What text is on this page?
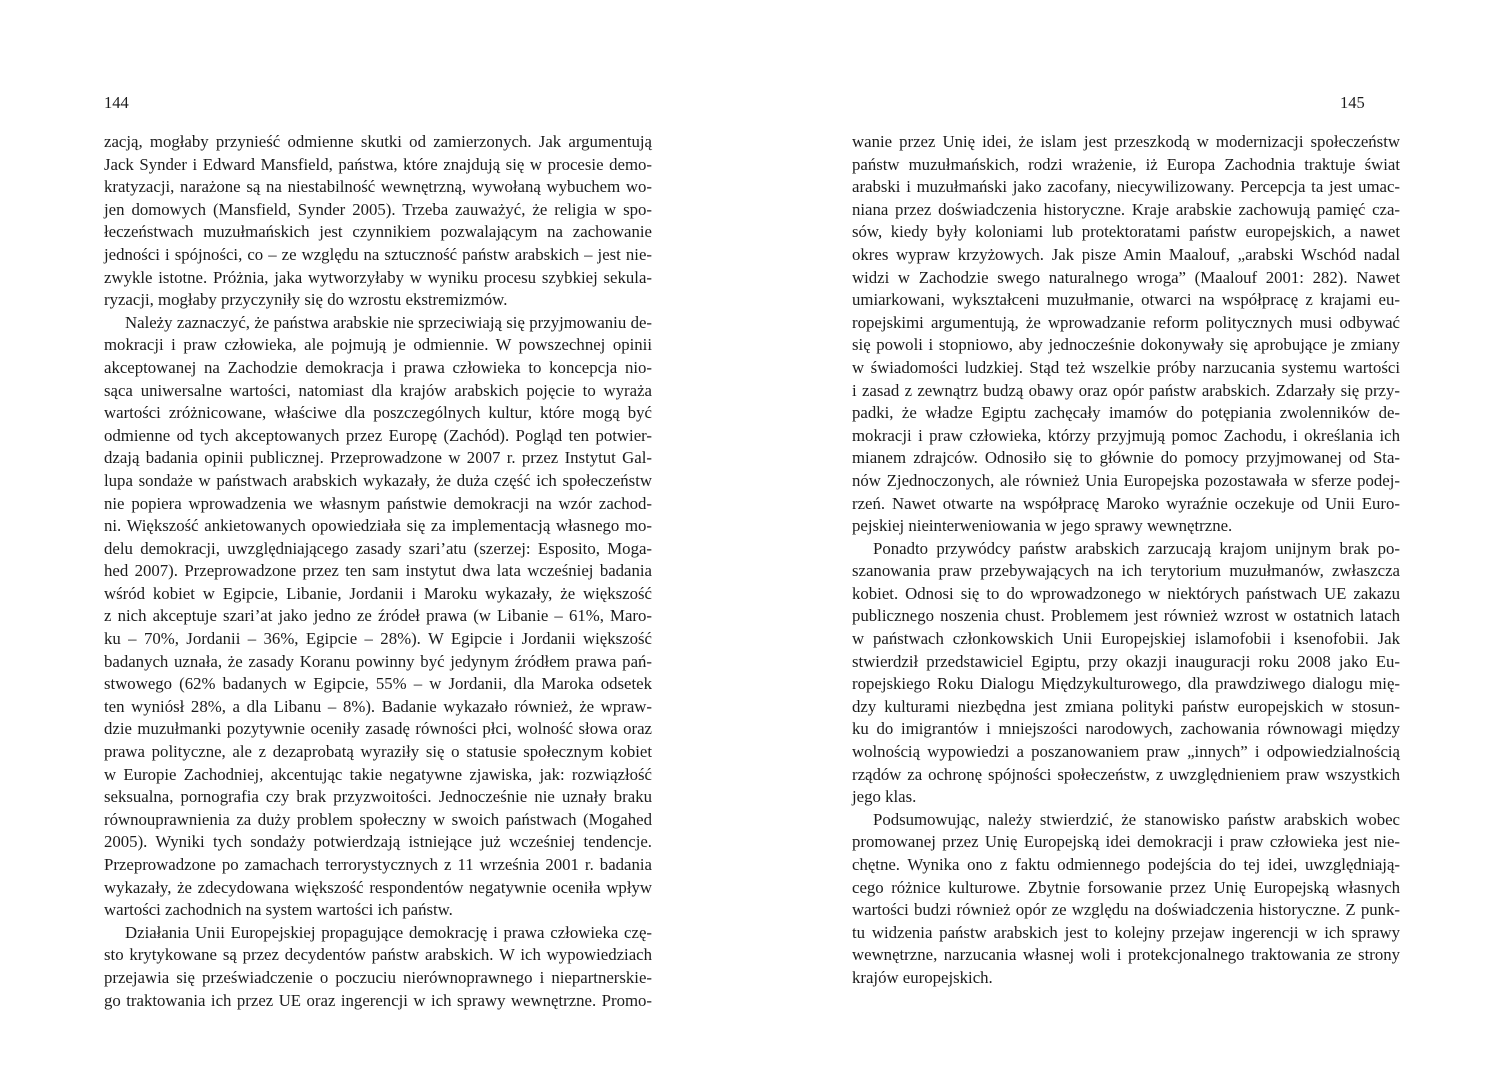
144	145
zacją, mogłaby przynieść odmienne skutki od zamierzonych. Jak argumentują
Jack Synder i Edward Mansfield, państwa, które znajdują się w procesie demo-
kratyzacji, narażone są na niestabilność wewnętrzną, wywołaną wybuchem wo-
jen domowych (Mansfield, Synder 2005). Trzeba zauważyć, że religia w spo-
łeczeństwach muzułmańskich jest czynnikiem pozwalającym na zachowanie
jedności i spójności, co – ze względu na sztuczność państw arabskich – jest nie-
zwykle istotne. Próżnia, jaka wytworzyłaby w wyniku procesu szybkiej sekula-
ryzacji, mogłaby przyczyniły się do wzrostu ekstremizmów.
Należy zaznaczyć, że państwa arabskie nie sprzeciwiają się przyjmowaniu de-
mokracji i praw człowieka, ale pojmują je odmiennie. W powszechnej opinii
akceptowanej na Zachodzie demokracja i prawa człowieka to koncepcja nio-
sąca uniwersalne wartości, natomiast dla krajów arabskich pojęcie to wyraża
wartości zróżnicowane, właściwe dla poszczególnych kultur, które mogą być
odmienne od tych akceptowanych przez Europę (Zachód). Pogląd ten potwier-
dzają badania opinii publicznej. Przeprowadzone w 2007 r. przez Instytut Gal-
lupa sondaże w państwach arabskich wykazały, że duża część ich społeczeństw
nie popiera wprowadzenia we własnym państwie demokracji na wzór zachod-
ni. Większość ankietowanych opowiedziała się za implementacją własnego mo-
delu demokracji, uwzględniającego zasady szari’atu (szerzej: Esposito, Moga-
hed 2007). Przeprowadzone przez ten sam instytut dwa lata wcześniej badania
wśród kobiet w Egipcie, Libanie, Jordanii i Maroku wykazały, że większość
z nich akceptuje szari’at jako jedno ze źródeł prawa (w Libanie – 61%, Maro-
ku – 70%, Jordanii – 36%, Egipcie – 28%). W Egipcie i Jordanii większość
badanych uznała, że zasady Koranu powinny być jedynym źródłem prawa pań-
stwowego (62% badanych w Egipcie, 55% – w Jordanii, dla Maroka odsetek
ten wyniósł 28%, a dla Libanu – 8%). Badanie wykazało również, że wpraw-
dzie muzułmanki pozytywnie oceniły zasadę równości płci, wolność słowa oraz
prawa polityczne, ale z dezaprobatą wyraziły się o statusie społecznym kobiet
w Europie Zachodniej, akcentując takie negatywne zjawiska, jak: rozwiązłość
seksualna, pornografia czy brak przyzwoitości. Jednocześnie nie uznały braku
równouprawnienia za duży problem społeczny w swoich państwach (Mogahed
2005). Wyniki tych sondaży potwierdzają istniejące już wcześniej tendencje.
Przeprowadzone po zamachach terrorystycznych z 11 września 2001 r. badania
wykazały, że zdecydowana większość respondentów negatywnie oceniła wpływ
wartości zachodnich na system wartości ich państw.
Działania Unii Europejskiej propagujące demokrację i prawa człowieka czę-
sto krytykowane są przez decydentów państw arabskich. W ich wypowiedziach
przejawia się przeświadczenie o poczuciu nierównoprawnego i niepartnerskie-
go traktowania ich przez UE oraz ingerencji w ich sprawy wewnętrzne. Promo-
wanie przez Unię idei, że islam jest przeszkodą w modernizacji społeczeństw
państw muzułmańskich, rodzi wrażenie, iż Europa Zachodnia traktuje świat
arabski i muzułmański jako zacofany, niecywilizowany. Percepcja ta jest umac-
niana przez doświadczenia historyczne. Kraje arabskie zachowują pamięć cza-
sów, kiedy były koloniami lub protektoratami państw europejskich, a nawet
okres wypraw krzyżowych. Jak pisze Amin Maalouf, „arabski Wschód nadal
widzi w Zachodzie swego naturalnego wroga” (Maalouf 2001: 282). Nawet
umiarkowani, wykształceni muzułmanie, otwarci na współpracę z krajami eu-
ropejskimi argumentują, że wprowadzanie reform politycznych musi odbywać
się powoli i stopniowo, aby jednocześnie dokonywały się aprobujące je zmiany
w świadomości ludzkiej. Stąd też wszelkie próby narzucania systemu wartości
i zasad z zewnątrz budzą obawy oraz opór państw arabskich. Zdarzały się przy-
padki, że władze Egiptu zachęcały imamów do potępiania zwolenników de-
mokracji i praw człowieka, którzy przyjmują pomoc Zachodu, i określania ich
mianem zdrajców. Odnosiło się to głównie do pomocy przyjmowanej od Sta-
nów Zjednoczonych, ale również Unia Europejska pozostawała w sferze podej-
rzeń. Nawet otwarte na współpracę Maroko wyraźnie oczekuje od Unii Euro-
pejskiej nieinterweniowania w jego sprawy wewnętrzne.
Ponadto przywódcy państw arabskich zarzucają krajom unijnym brak po-
szanowania praw przebywających na ich terytorium muzułmanów, zwłaszcza
kobiet. Odnosi się to do wprowadzonego w niektórych państwach UE zakazu
publicznego noszenia chust. Problemem jest również wzrost w ostatnich latach
w państwach członkowskich Unii Europejskiej islamofobii i ksenofobii. Jak
stwierdził przedstawiciel Egiptu, przy okazji inauguracji roku 2008 jako Eu-
ropejskiego Roku Dialogu Międzykulturowego, dla prawdziwego dialogu mię-
dzy kulturami niezbędna jest zmiana polityki państw europejskich w stosun-
ku do imigrantów i mniejszości narodowych, zachowania równowagi między
wolnością wypowiedzi a poszanowaniem praw „innych” i odpowiedzialnością
rządów za ochronę spójności społeczeństw, z uwzględnieniem praw wszystkich
jego klas.
Podsumowując, należy stwierdzić, że stanowisko państw arabskich wobec
promowanej przez Unię Europejską idei demokracji i praw człowieka jest nie-
chętne. Wynika ono z faktu odmiennego podejścia do tej idei, uwzględniają-
cego różnice kulturowe. Zbytnie forsowanie przez Unię Europejską własnych
wartości budzi również opór ze względu na doświadczenia historyczne. Z punk-
tu widzenia państw arabskich jest to kolejny przejaw ingerencji w ich sprawy
wewnętrzne, narzucania własnej woli i protekcjonalnego traktowania ze strony
krajów europejskich.
